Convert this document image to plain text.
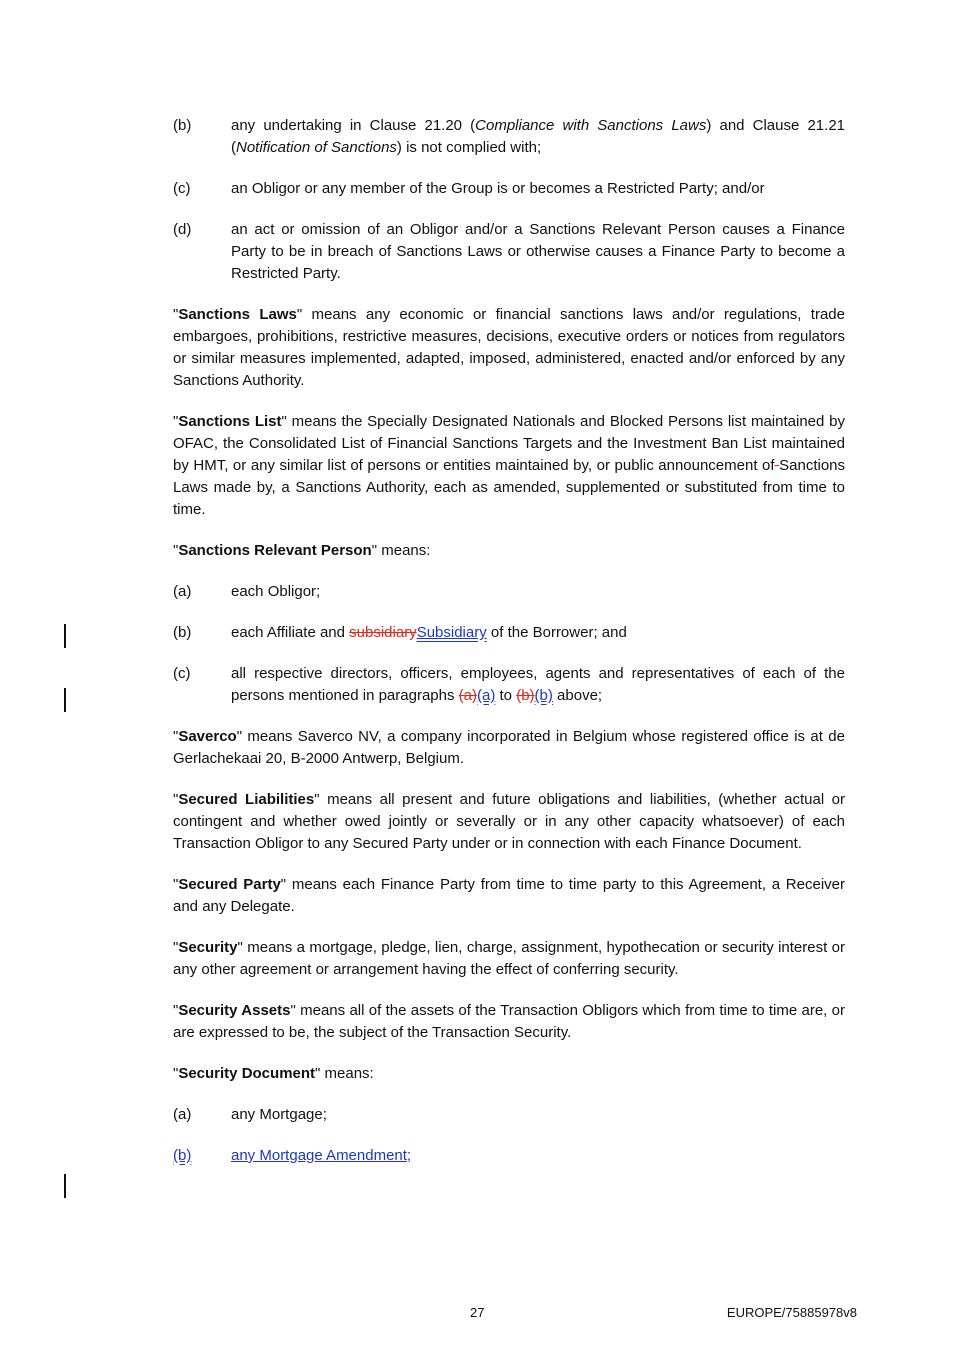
(b)	any undertaking in Clause 21.20 (Compliance with Sanctions Laws) and Clause 21.21 (Notification of Sanctions) is not complied with;
(c)	an Obligor or any member of the Group is or becomes a Restricted Party; and/or
(d)	an act or omission of an Obligor and/or a Sanctions Relevant Person causes a Finance Party to be in breach of Sanctions Laws or otherwise causes a Finance Party to become a Restricted Party.
"Sanctions Laws" means any economic or financial sanctions laws and/or regulations, trade embargoes, prohibitions, restrictive measures, decisions, executive orders or notices from regulators or similar measures implemented, adapted, imposed, administered, enacted and/or enforced by any Sanctions Authority.
"Sanctions List" means the Specially Designated Nationals and Blocked Persons list maintained by OFAC, the Consolidated List of Financial Sanctions Targets and the Investment Ban List maintained by HMT, or any similar list of persons or entities maintained by, or public announcement of Sanctions Laws made by, a Sanctions Authority, each as amended, supplemented or substituted from time to time.
"Sanctions Relevant Person" means:
(a)	each Obligor;
(b)	each Affiliate and subsidiarySubsidiary of the Borrower; and
(c)	all respective directors, officers, employees, agents and representatives of each of the persons mentioned in paragraphs (a)(a) to (b)(b) above;
"Saverco" means Saverco NV, a company incorporated in Belgium whose registered office is at de Gerlachekaai 20, B-2000 Antwerp, Belgium.
"Secured Liabilities" means all present and future obligations and liabilities, (whether actual or contingent and whether owed jointly or severally or in any other capacity whatsoever) of each Transaction Obligor to any Secured Party under or in connection with each Finance Document.
"Secured Party" means each Finance Party from time to time party to this Agreement, a Receiver and any Delegate.
"Security" means a mortgage, pledge, lien, charge, assignment, hypothecation or security interest or any other agreement or arrangement having the effect of conferring security.
"Security Assets" means all of the assets of the Transaction Obligors which from time to time are, or are expressed to be, the subject of the Transaction Security.
"Security Document" means:
(a)	any Mortgage;
(b)	any Mortgage Amendment;
27	EUROPE/75885978v8
